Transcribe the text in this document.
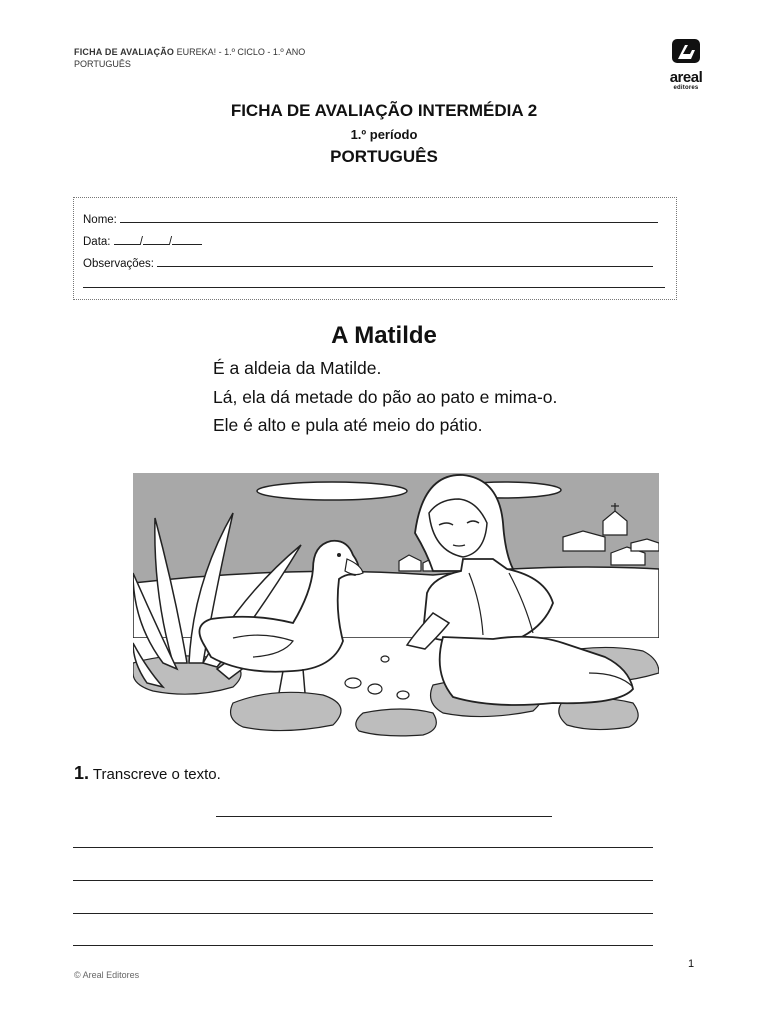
FICHA DE AVALIAÇÃO EUREKA! - 1.º CICLO - 1.º ANO
PORTUGUÊS
areal
editores
FICHA DE AVALIAÇÃO INTERMÉDIA 2
1.º período
PORTUGUÊS
Nome:
Data:	/ /
Observações:
A Matilde
É a aldeia da Matilde.
Lá, ela dá metade do pão ao pato e mima-o.
Ele é alto e pula até meio do pátio.
1. Transcreve o texto.
© Areal Editores
1
